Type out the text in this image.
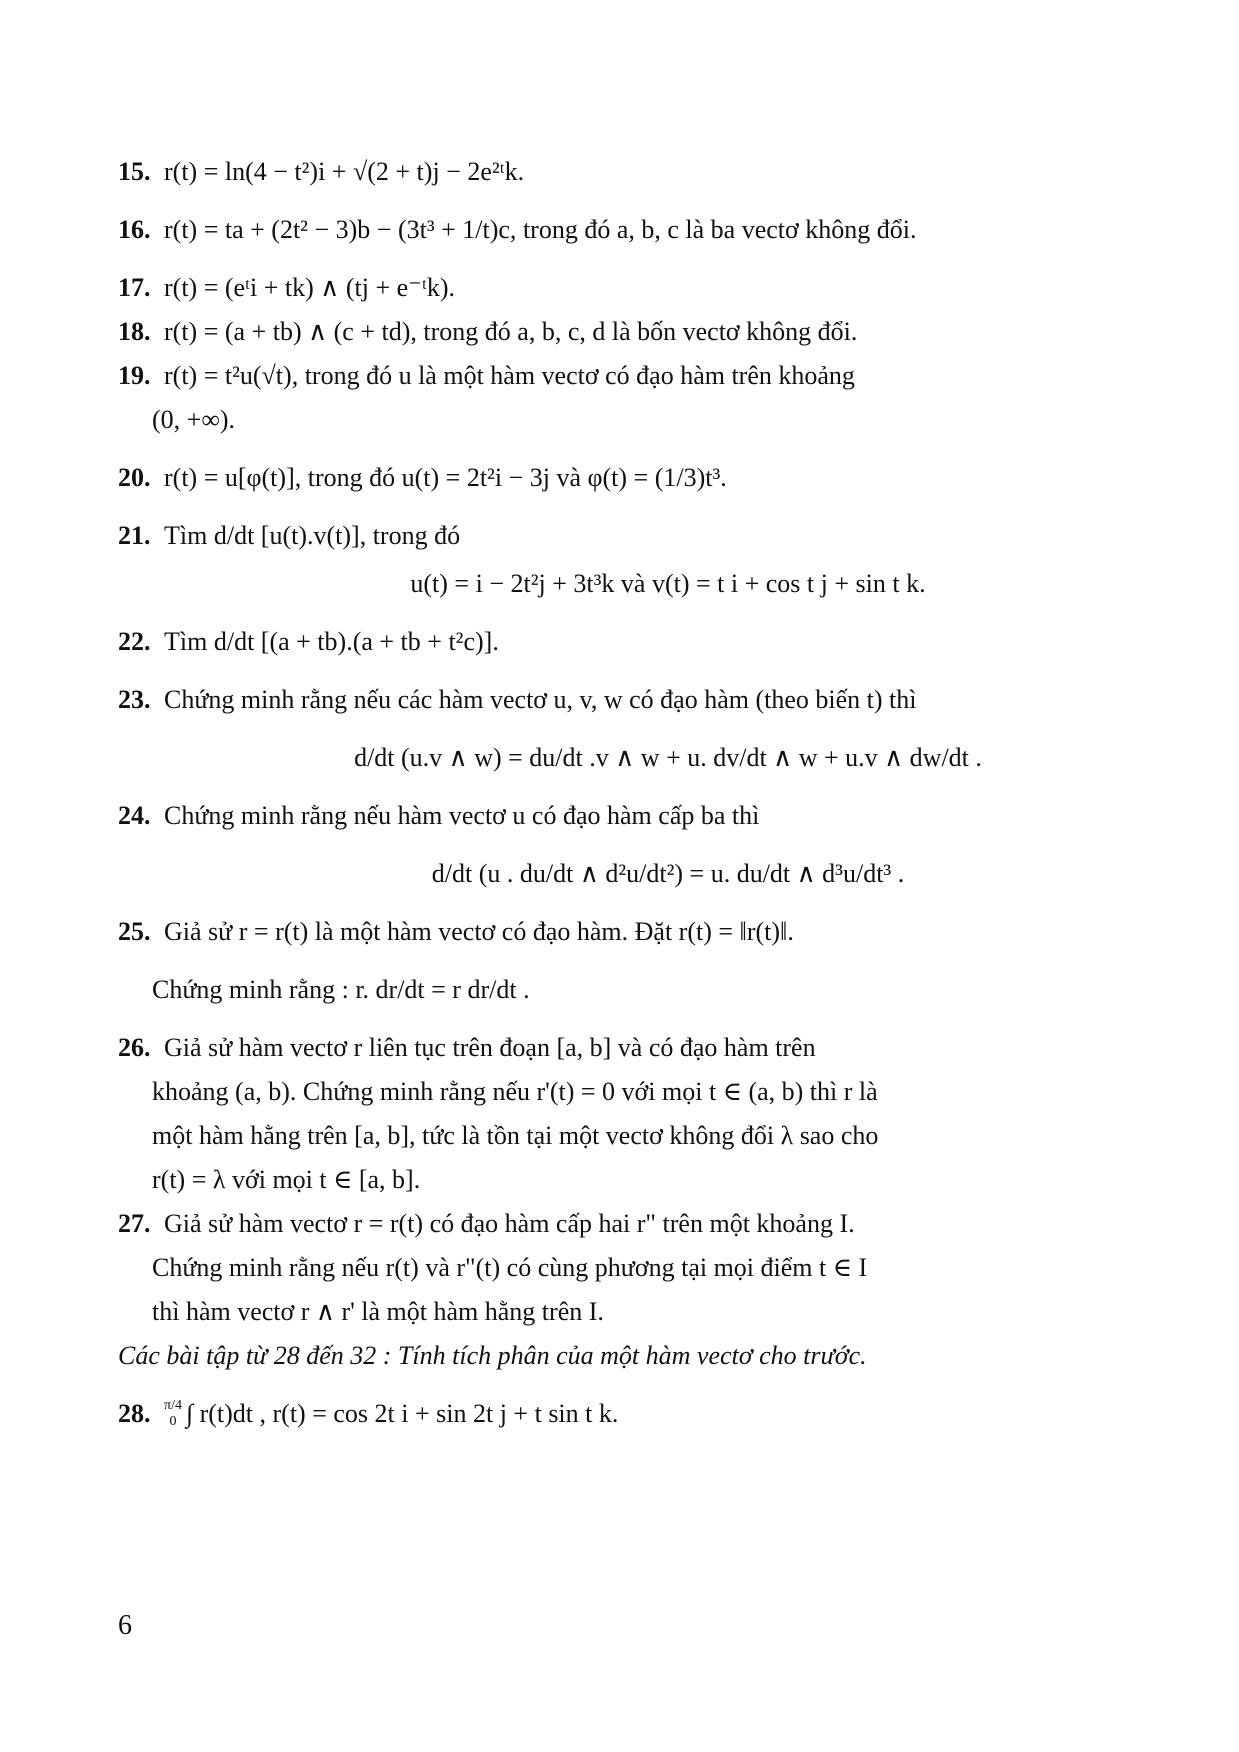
15. r(t) = ln(4 − t²)i + √(2 + t)j − 2e²ᵗk.
16. r(t) = ta + (2t² − 3)b − (3t³ + 1/t)c,
trong đó a, b, c là ba vectơ không đổi.
17. r(t) = (eᵗi + tk) ∧ (tj + e⁻ᵗk).
18. r(t) = (a + tb) ∧ (c + td),
trong đó a, b, c, d là bốn vectơ không đổi.
19. r(t) = t²u(√t),
trong đó u là một hàm vectơ có đạo hàm trên khoảng
(0, +∞).
20. r(t) = u[φ(t)],
trong đó u(t) = 2t²i − 3j và φ(t) = (1/3)t³.
21. Tìm
d/dt [u(t).v(t)],
trong đó
u(t) = i − 2t²j + 3t³k và v(t) = t i + cos t j + sin t k.
22. Tìm
d/dt [(a + tb).(a + tb + t²c)].
23. Chứng minh rằng nếu các hàm vectơ u, v, w có đạo hàm (theo biến t) thì
d/dt (u.v ∧ w) = du/dt .v ∧ w + u. dv/dt ∧ w + u.v ∧ dw/dt .
24. Chứng minh rằng nếu hàm vectơ u có đạo hàm cấp ba thì
d/dt (u . du/dt ∧ d²u/dt²) = u. du/dt ∧ d³u/dt³ .
25. Giả sử r = r(t) là một hàm vectơ có đạo hàm. Đặt r(t) = ‖r(t)‖.
Chứng minh rằng :
r. dr/dt = r dr/dt .
26. Giả sử hàm vectơ r liên tục trên đoạn [a, b] và có đạo hàm trên
khoảng (a, b). Chứng minh rằng nếu r'(t) = 0 với mọi t ∈ (a, b) thì r là
một hàm hằng trên [a, b], tức là tồn tại một vectơ không đổi λ sao cho
r(t) = λ với mọi t ∈ [a, b].
27. Giả sử hàm vectơ r = r(t) có đạo hàm cấp hai r" trên một khoảng I.
Chứng minh rằng nếu r(t) và r"(t) có cùng phương tại mọi điểm t ∈ I
thì hàm vectơ r ∧ r' là một hàm hằng trên I.
Các bài tập từ 28 đến 32 : Tính tích phân của một hàm vectơ cho trước.
28. π/4
0 ∫ r(t)dt , r(t) = cos 2t i + sin 2t j + t sin t k.
6
